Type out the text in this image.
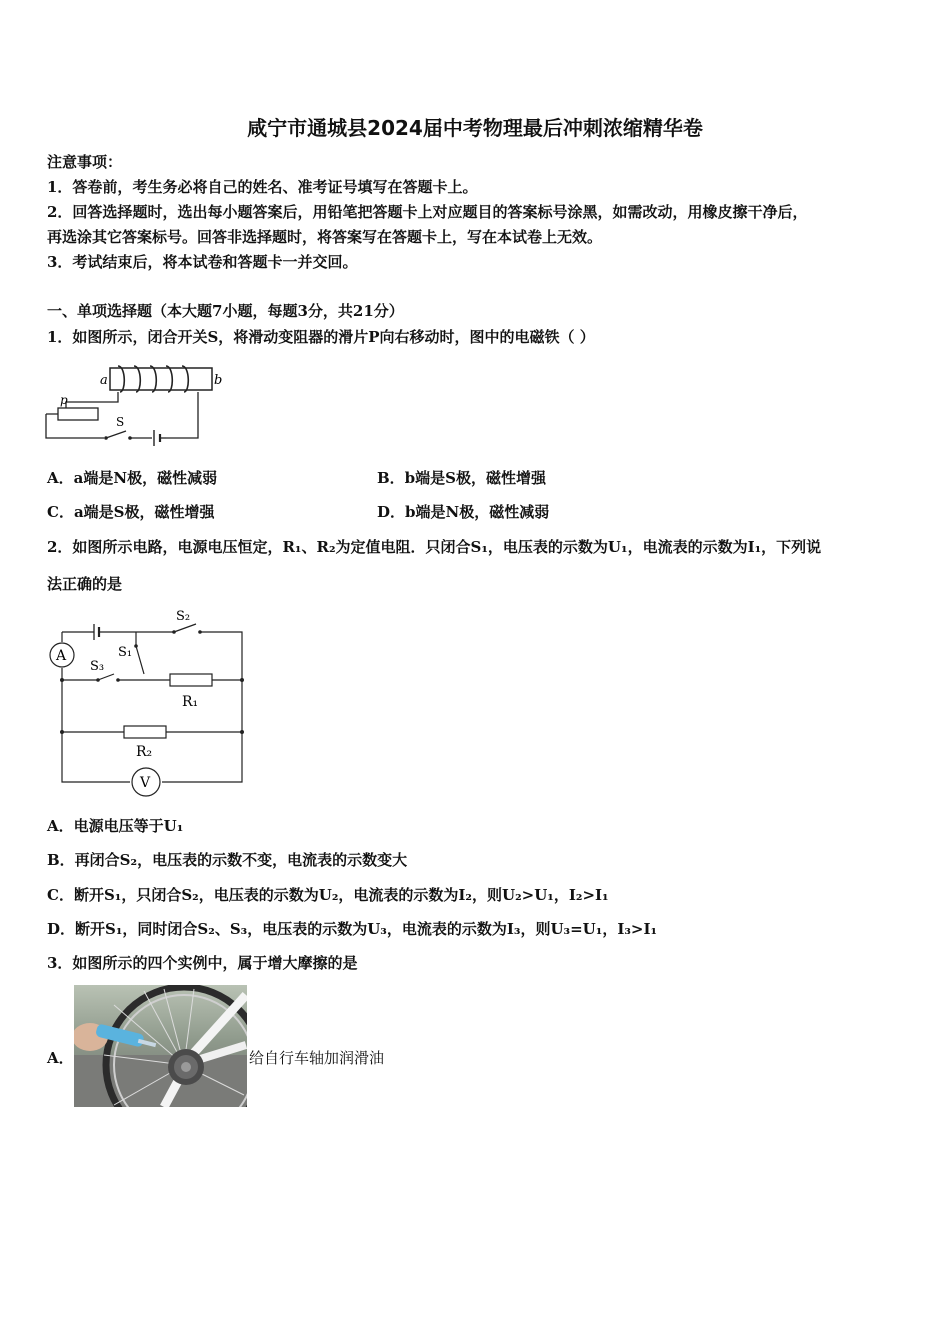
咸宁市通城县2024届中考物理最后冲刺浓缩精华卷
注意事项：
1．答卷前，考生务必将自己的姓名、准考证号填写在答题卡上。
2．回答选择题时，选出每小题答案后，用铅笔把答题卡上对应题目的答案标号涂黑，如需改动，用橡皮擦干净后，
再选涂其它答案标号。回答非选择题时，将答案写在答题卡上，写在本试卷上无效。
3．考试结束后，将本试卷和答题卡一并交回。
一、单项选择题（本大题7小题，每题3分，共21分）
1．如图所示，闭合开关S，将滑动变阻器的滑片P向右移动时，图中的电磁铁（ ）
a	b
p
S
A．a端是N极，磁性减弱	B．b端是S极，磁性增强
C．a端是S极，磁性增强	D．b端是N极，磁性减弱
2．如图所示电路，电源电压恒定，R₁、R₂为定值电阻．只闭合S₁，电压表的示数为U₁，电流表的示数为I₁，下列说
法正确的是
A
R₁
R₂
V
S₂
S₁
S₃
A．电源电压等于U₁
B．再闭合S₂，电压表的示数不变，电流表的示数变大
C．断开S₁，只闭合S₂，电压表的示数为U₂，电流表的示数为I₂，则U₂>U₁，I₂>I₁
D．断开S₁，同时闭合S₂、S₃，电压表的示数为U₃，电流表的示数为I₃，则U₃=U₁，I₃>I₁
3．如图所示的四个实例中，属于增大摩擦的是
A．	给自行车轴加润滑油
